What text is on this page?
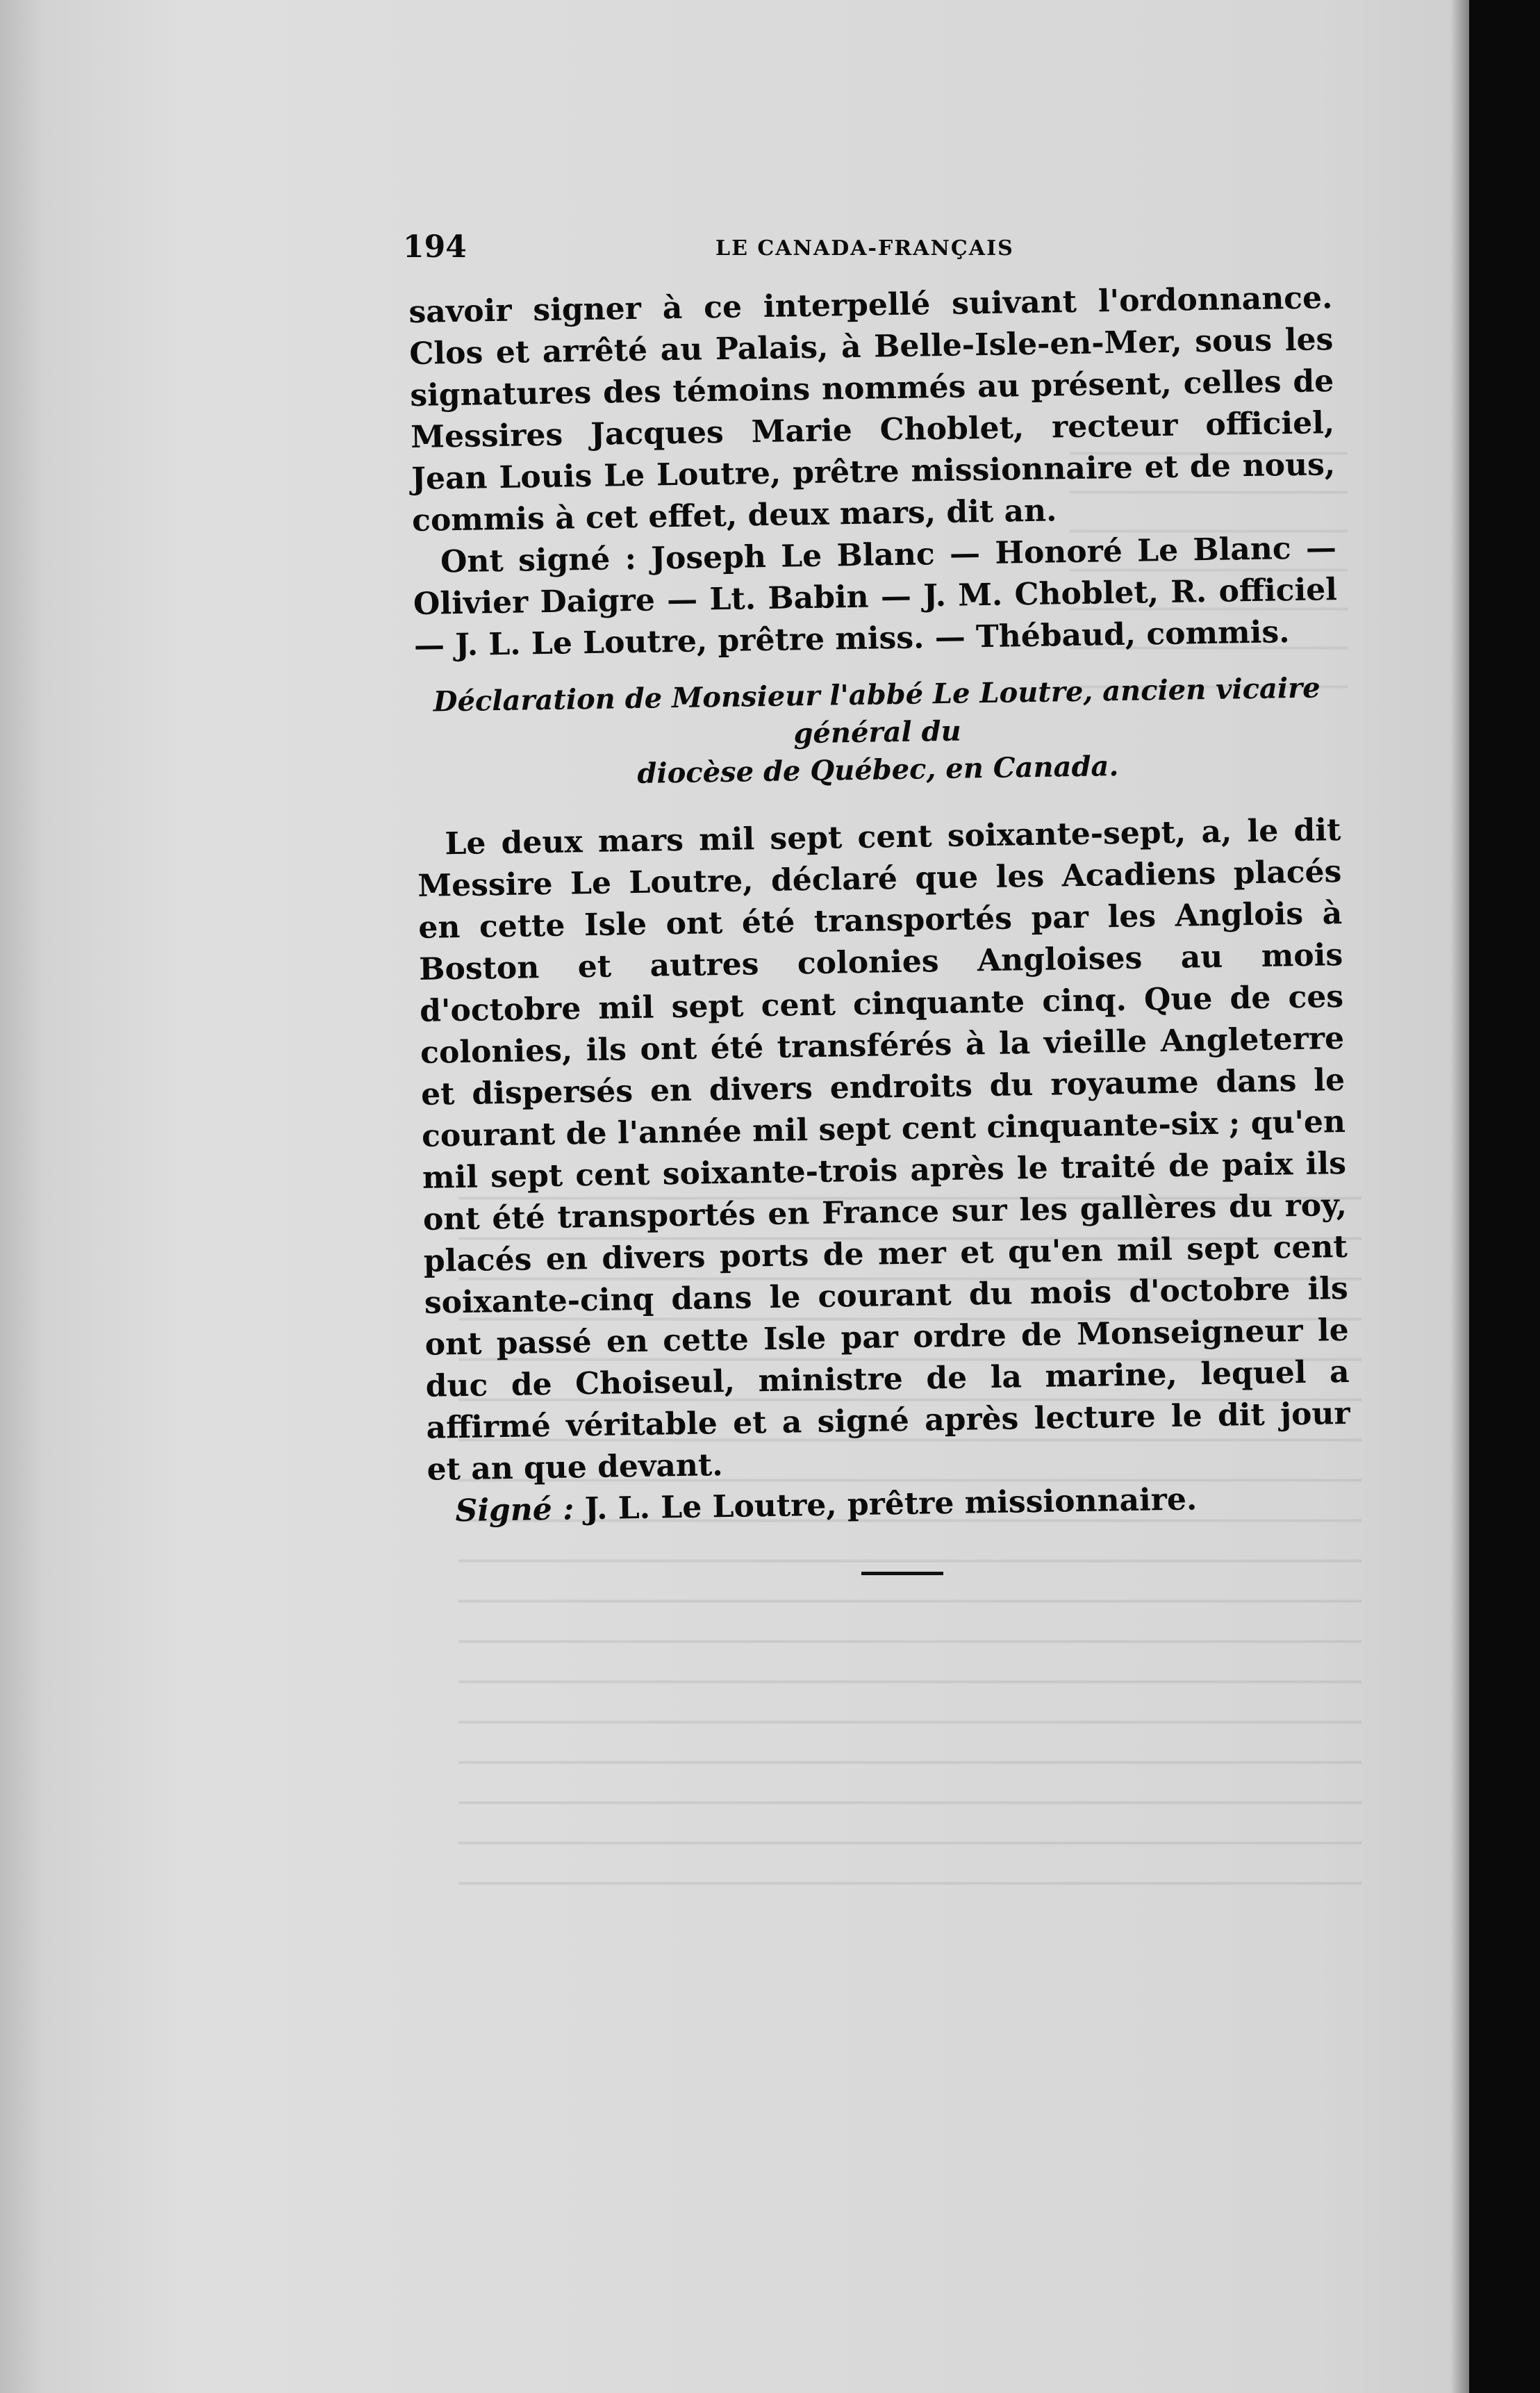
194	LE CANADA-FRANÇAIS

savoir signer à ce interpellé suivant l'ordonnance. Clos et arrêté au Palais, à Belle-Isle-en-Mer, sous les signatures des témoins nommés au présent, celles de Messires Jacques Marie Choblet, recteur officiel, Jean Louis Le Loutre, prêtre missionnaire et de nous, commis à cet effet, deux mars, dit an.

Ont signé : Joseph Le Blanc — Honoré Le Blanc — Olivier Daigre — Lt. Babin — J. M. Choblet, R. officiel — J. L. Le Loutre, prêtre miss. — Thébaud, commis.

Déclaration de Monsieur l'abbé Le Loutre, ancien vicaire général du
diocèse de Québec, en Canada.

Le deux mars mil sept cent soixante-sept, a, le dit Messire Le Loutre, déclaré que les Acadiens placés en cette Isle ont été transportés par les Anglois à Boston et autres colonies Angloises au mois d'octobre mil sept cent cinquante cinq. Que de ces colonies, ils ont été transférés à la vieille Angleterre et dispersés en divers endroits du royaume dans le courant de l'année mil sept cent cinquante-six ; qu'en mil sept cent soixante-trois après le traité de paix ils ont été transportés en France sur les gallères du roy, placés en divers ports de mer et qu'en mil sept cent soixante-cinq dans le courant du mois d'octobre ils ont passé en cette Isle par ordre de Monseigneur le duc de Choiseul, ministre de la marine, lequel a affirmé véritable et a signé après lecture le dit jour et an que devant.

Signé : J. L. Le Loutre, prêtre missionnaire.
